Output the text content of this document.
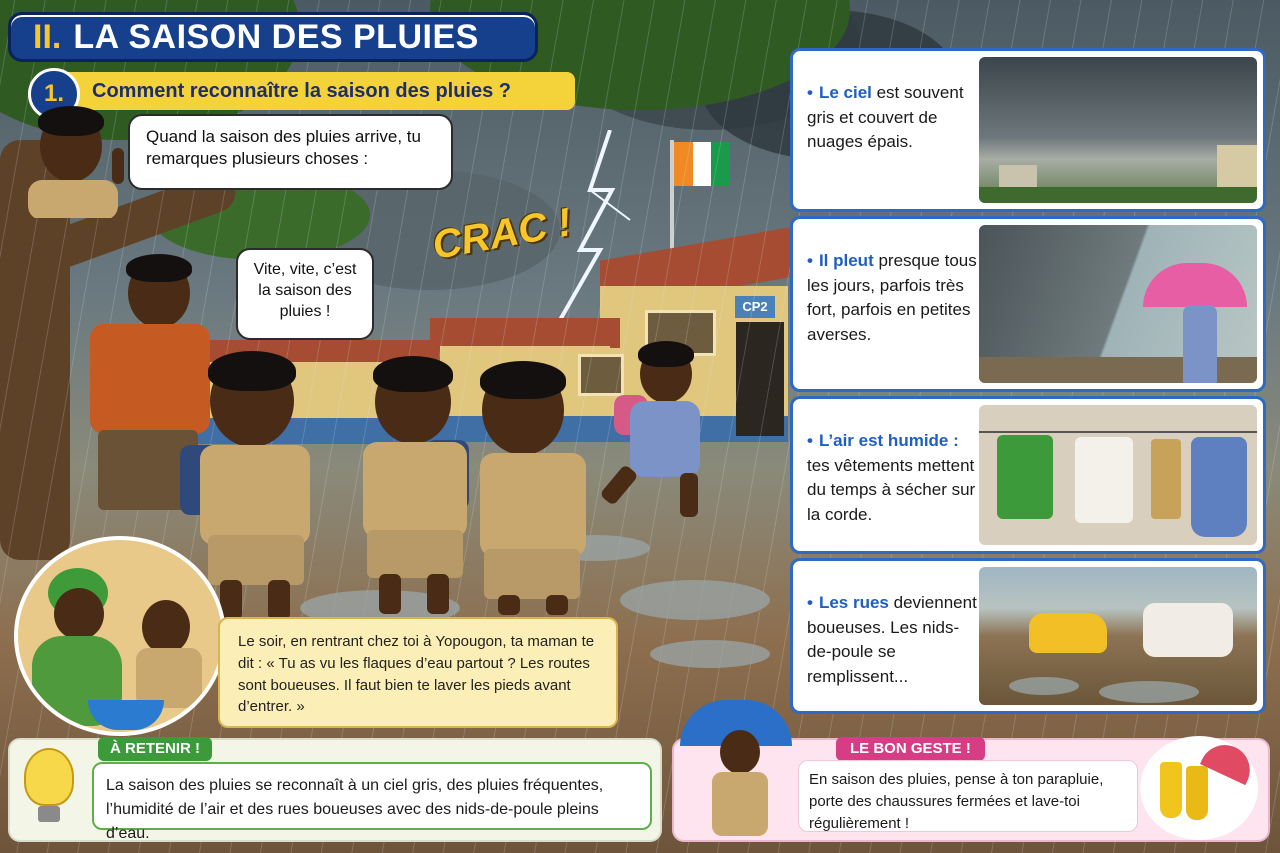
CP2
II. LA SAISON DES PLUIES
Comment reconnaître la saison des pluies ?
1.
Quand la saison des pluies arrive, tu remarques plusieurs choses :
Vite, vite, c’est la saison des pluies !
CRAC !
Le soir, en rentrant chez toi à Yopougon, ta maman te dit : « Tu as vu les flaques d’eau partout ? Les routes sont boueuses. Il faut bien te laver les pieds avant d’entrer. »
• Le ciel est souvent gris et couvert de nuages épais.
• Il pleut presque tous les jours, parfois très fort, parfois en petites averses.
• L’air est humide : tes vêtements mettent du temps à sécher sur la corde.
• Les rues deviennent boueuses. Les nids-de-poule se remplissent...
À RETENIR !
La saison des pluies se reconnaît à un ciel gris, des pluies fréquentes, l’humidité de l’air et des rues boueuses avec des nids-de-poule pleins d’eau.
LE BON GESTE !
En saison des pluies, pense à ton parapluie, porte des chaussures fermées et lave-toi régulièrement !
